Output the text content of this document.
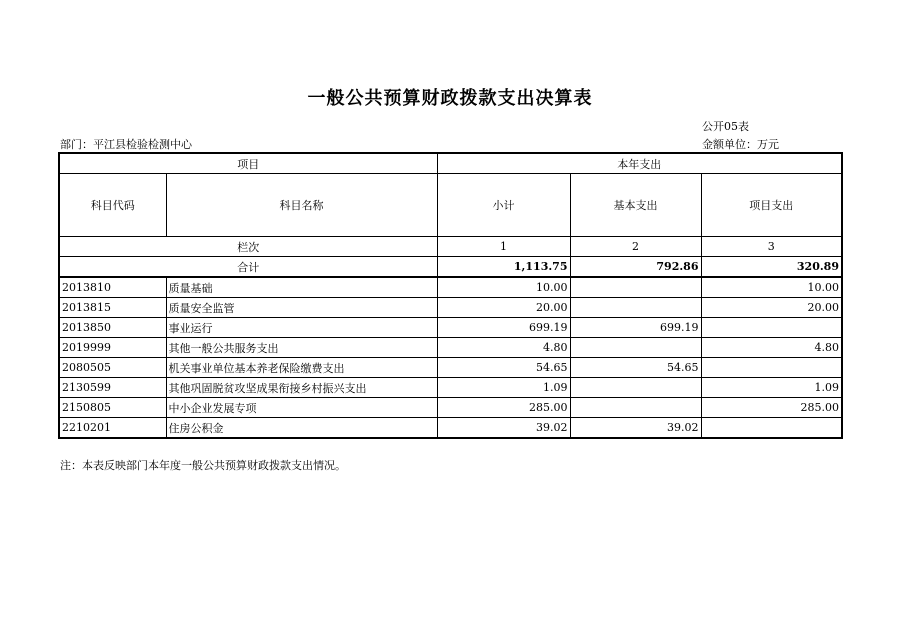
一般公共预算财政拨款支出决算表
公开05表
部门：平江县检验检测中心	金额单位：万元
项目		本年支出		
科目代码	科目名称	小计	基本支出	项目支出
栏次		1	2	3
合计		1,113.75	792.86	320.89
2013810	质量基础	10.00		10.00
2013815	质量安全监管	20.00		20.00
2013850	事业运行	699.19	699.19	
2019999	其他一般公共服务支出	4.80		4.80
2080505	机关事业单位基本养老保险缴费支出	54.65	54.65	
2130599	其他巩固脱贫攻坚成果衔接乡村振兴支出	1.09		1.09
2150805	中小企业发展专项	285.00		285.00
2210201	住房公积金	39.02	39.02	
注：本表反映部门本年度一般公共预算财政拨款支出情况。
